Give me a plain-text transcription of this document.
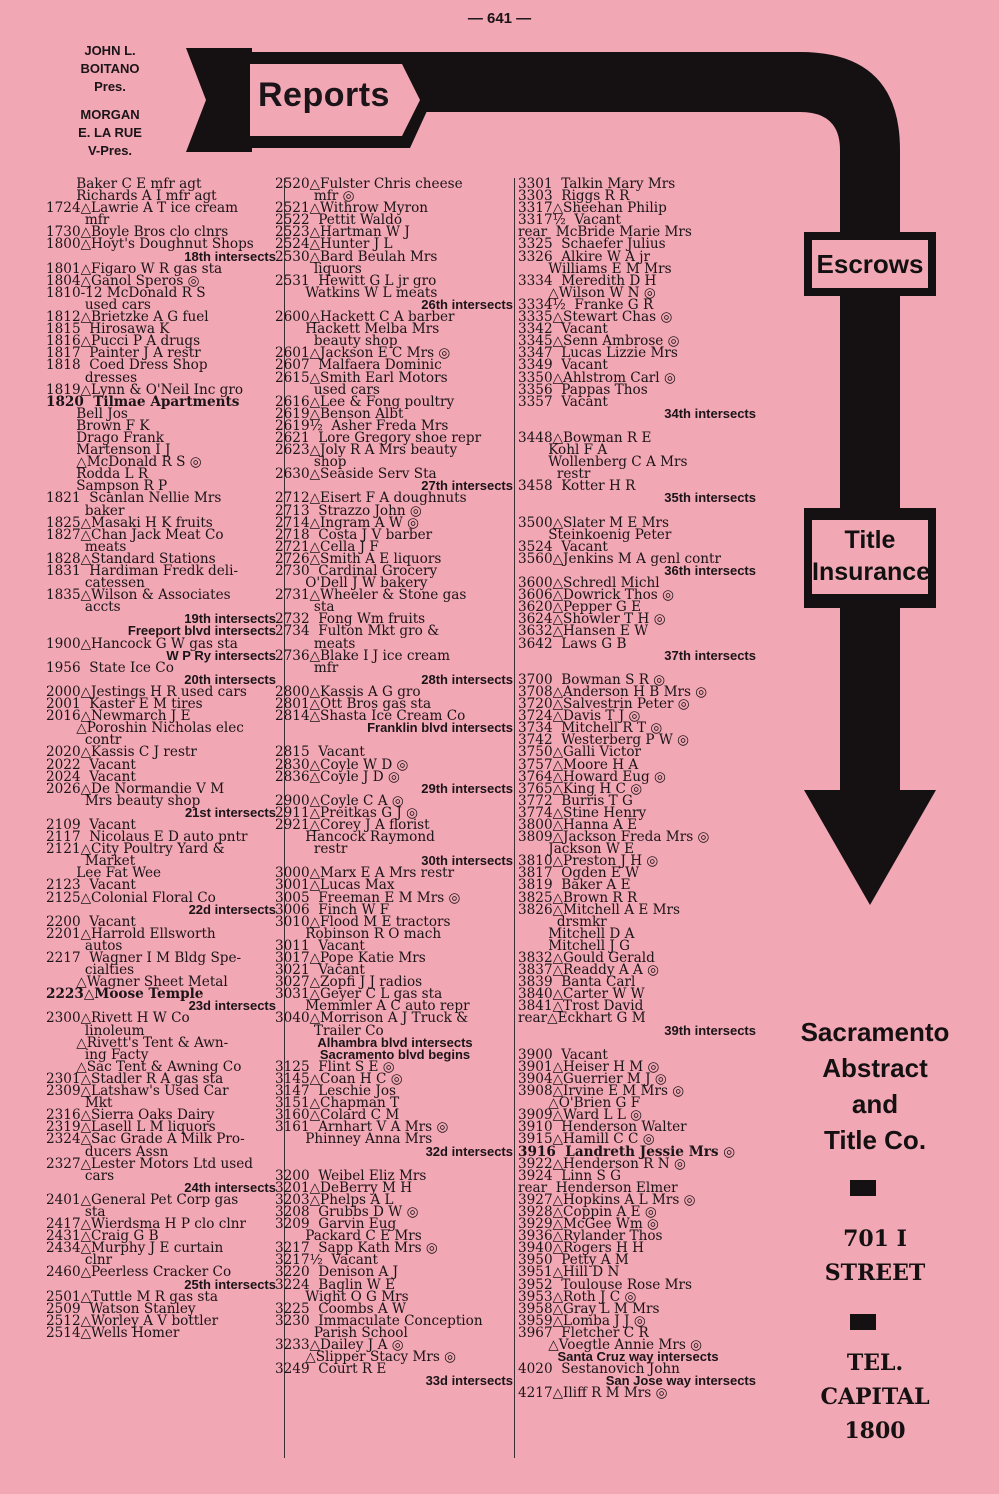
— 641 —
JOHN L.
BOITANO
Pres.
MORGAN
E. LA RUE
V-Pres.
Reports
Escrows
Title
Insurance
Sacramento
Abstract
and
Title Co.
701 I
STREET
TEL.
CAPITAL
1800
Baker C E mfr agt
Richards A I mfr agt
1724△Lawrie A T ice cream
mfr
1730△Boyle Bros clo clnrs
1800△Hoyt's Doughnut Shops
18th intersects
1801△Figaro W R gas sta
1804△Ganol Speros ◎
1810-12 McDonald R S
used cars
1812△Brietzke A G fuel
1815  Hirosawa K
1816△Pucci P A drugs
1817  Painter J A restr
1818  Coed Dress Shop
dresses
1819△Lynn & O'Neil Inc gro
1820  Tilmae Apartments
Bell Jos
Brown F K
Drago Frank
Martenson I J
△McDonald R S ◎
Rodda L R
Sampson R P
1821  Scanlan Nellie Mrs
baker
1825△Masaki H K fruits
1827△Chan Jack Meat Co
meats
1828△Standard Stations
1831  Hardiman Fredk deli-
catessen
1835△Wilson & Associates
accts
19th intersects
Freeport blvd intersects
1900△Hancock G W gas sta
W P Ry intersects
1956  State Ice Co
20th intersects
2000△Jestings H R used cars
2001  Kaster E M tires
2016△Newmarch J E
△Poroshin Nicholas elec
contr
2020△Kassis C J restr
2022  Vacant
2024  Vacant
2026△De Normandie V M
Mrs beauty shop
21st intersects
2109  Vacant
2117  Nicolaus E D auto pntr
2121△City Poultry Yard &
Market
Lee Fat Wee
2123  Vacant
2125△Colonial Floral Co
22d intersects
2200  Vacant
2201△Harrold Ellsworth
autos
2217  Wagner I M Bldg Spe-
cialties
△Wagner Sheet Metal
2223△Moose Temple
23d intersects
2300△Rivett H W Co
linoleum
△Rivett's Tent & Awn-
ing Facty
△Sac Tent & Awning Co
2301△Stadler R A gas sta
2309△Latshaw's Used Car
Mkt
2316△Sierra Oaks Dairy
2319△Lasell L M liquors
2324△Sac Grade A Milk Pro-
ducers Assn
2327△Lester Motors Ltd used
cars
24th intersects
2401△General Pet Corp gas
sta
2417△Wierdsma H P clo clnr
2431△Craig G B
2434△Murphy J E curtain
clnr
2460△Peerless Cracker Co
25th intersects
2501△Tuttle M R gas sta
2509  Watson Stanley
2512△Worley A V bottler
2514△Wells Homer
2520△Fulster Chris cheese
mfr ◎
2521△Withrow Myron
2522  Pettit Waldo
2523△Hartman W J
2524△Hunter J L
2530△Bard Beulah Mrs
liquors
2531  Hewitt G L jr gro
Watkins W L meats
26th intersects
2600△Hackett C A barber
Hackett Melba Mrs
beauty shop
2601△Jackson E C Mrs ◎
2607  Malfaera Dominic
2615△Smith Earl Motors
used cars
2616△Lee & Fong poultry
2619△Benson Albt
2619½  Asher Freda Mrs
2621  Lore Gregory shoe repr
2623△Joly R A Mrs beauty
shop
2630△Seaside Serv Sta
27th intersects
2712△Eisert F A doughnuts
2713  Strazzo John ◎
2714△Ingram A W ◎
2718  Costa J V barber
2721△Cella J F
2726△Smith A E liquors
2730  Cardinal Grocery
O'Dell J W bakery
2731△Wheeler & Stone gas
sta
2732  Fong Wm fruits
2734  Fulton Mkt gro &
meats
2736△Blake I J ice cream
mfr
28th intersects
2800△Kassis A G gro
2801△Ott Bros gas sta
2814△Shasta Ice Cream Co
Franklin blvd intersects
2815  Vacant
2830△Coyle W D ◎
2836△Coyle J D ◎
29th intersects
2900△Coyle C A ◎
2911△Preitkas G J ◎
2921△Corey J A florist
Hancock Raymond
restr
30th intersects
3000△Marx E A Mrs restr
3001△Lucas Max
3005  Freeman E M Mrs ◎
3006  Finch W F
3010△Flood M E tractors
Robinson R O mach
3011  Vacant
3017△Pope Katie Mrs
3021  Vacant
3027△Zopfi J J radios
3031△Geyer C L gas sta
Memmler A C auto repr
3040△Morrison A J Truck &
Trailer Co
Alhambra blvd intersects
Sacramento blvd begins
3125  Flint S E ◎
3145△Coan H C ◎
3147  Leschie Jos
3151△Chapman T
3160△Colard C M
3161  Arnhart V A Mrs ◎
Phinney Anna Mrs
32d intersects
3200  Weibel Eliz Mrs
3201△DeBerry M H
3203△Phelps A L
3208  Grubbs D W ◎
3209  Garvin Eug
Packard C E Mrs
3217  Sapp Kath Mrs ◎
3217½  Vacant
3220  Denison A J
3224  Baglin W E
Wight O G Mrs
3225  Coombs A W
3230  Immaculate Conception
Parish School
3233△Dailey J A ◎
△Slipper Stacy Mrs ◎
3249  Court R E
33d intersects
3301  Talkin Mary Mrs
3303  Riggs R R
3317△Sheehan Philip
3317½  Vacant
rear  McBride Marie Mrs
3325  Schaefer Julius
3326  Alkire W A jr
Williams E M Mrs
3334  Meredith D H
△Wilson W N ◎
3334½  Franke G R
3335△Stewart Chas ◎
3342  Vacant
3345△Senn Ambrose ◎
3347  Lucas Lizzie Mrs
3349  Vacant
3350△Ahlstrom Carl ◎
3356  Pappas Thos
3357  Vacant
34th intersects
3448△Bowman R E
Kohl F A
Wollenberg C A Mrs
restr
3458  Kotter H R
35th intersects
3500△Slater M E Mrs
Steinkoenig Peter
3524  Vacant
3560△Jenkins M A genl contr
36th intersects
3600△Schredl Michl
3606△Dowrick Thos ◎
3620△Pepper G E
3624△Showler T H ◎
3632△Hansen E W
3642  Laws G B
37th intersects
3700  Bowman S R ◎
3708△Anderson H B Mrs ◎
3720△Salvestrin Peter ◎
3724△Davis T J ◎
3734  Mitchell R T ◎
3742  Westerberg P W ◎
3750△Galli Victor
3757△Moore H A
3764△Howard Eug ◎
3765△King H C ◎
3772  Burris T G
3774△Stine Henry
3800△Hanna A E
3809△Jackson Freda Mrs ◎
Jackson W E
3810△Preston J H ◎
3817  Ogden E W
3819  Baker A E
3825△Brown R R
3826△Mitchell A E Mrs
drsmkr
Mitchell D A
Mitchell J G
3832△Gould Gerald
3837△Readdy A A ◎
3839  Banta Carl
3840△Carter W W
3841△Trost David
rear△Eckhart G M
39th intersects
3900  Vacant
3901△Heiser H M ◎
3904△Guerrier M J ◎
3908△Irvine E M Mrs ◎
△O'Brien G F
3909△Ward L L ◎
3910  Henderson Walter
3915△Hamill C C ◎
3916  Landreth Jessie Mrs ◎
3922△Henderson R N ◎
3924  Linn S G
rear  Henderson Elmer
3927△Hopkins A L Mrs ◎
3928△Coppin A E ◎
3929△McGee Wm ◎
3936△Rylander Thos
3940△Rogers H H
3950  Petty A M
3951△Hill D N
3952  Toulouse Rose Mrs
3953△Roth J C ◎
3958△Gray L M Mrs
3959△Lomba J J ◎
3967  Fletcher C R
△Voegtle Annie Mrs ◎
Santa Cruz way intersects
4020  Sestanovich John
San Jose way intersects
4217△Iliff R M Mrs ◎
